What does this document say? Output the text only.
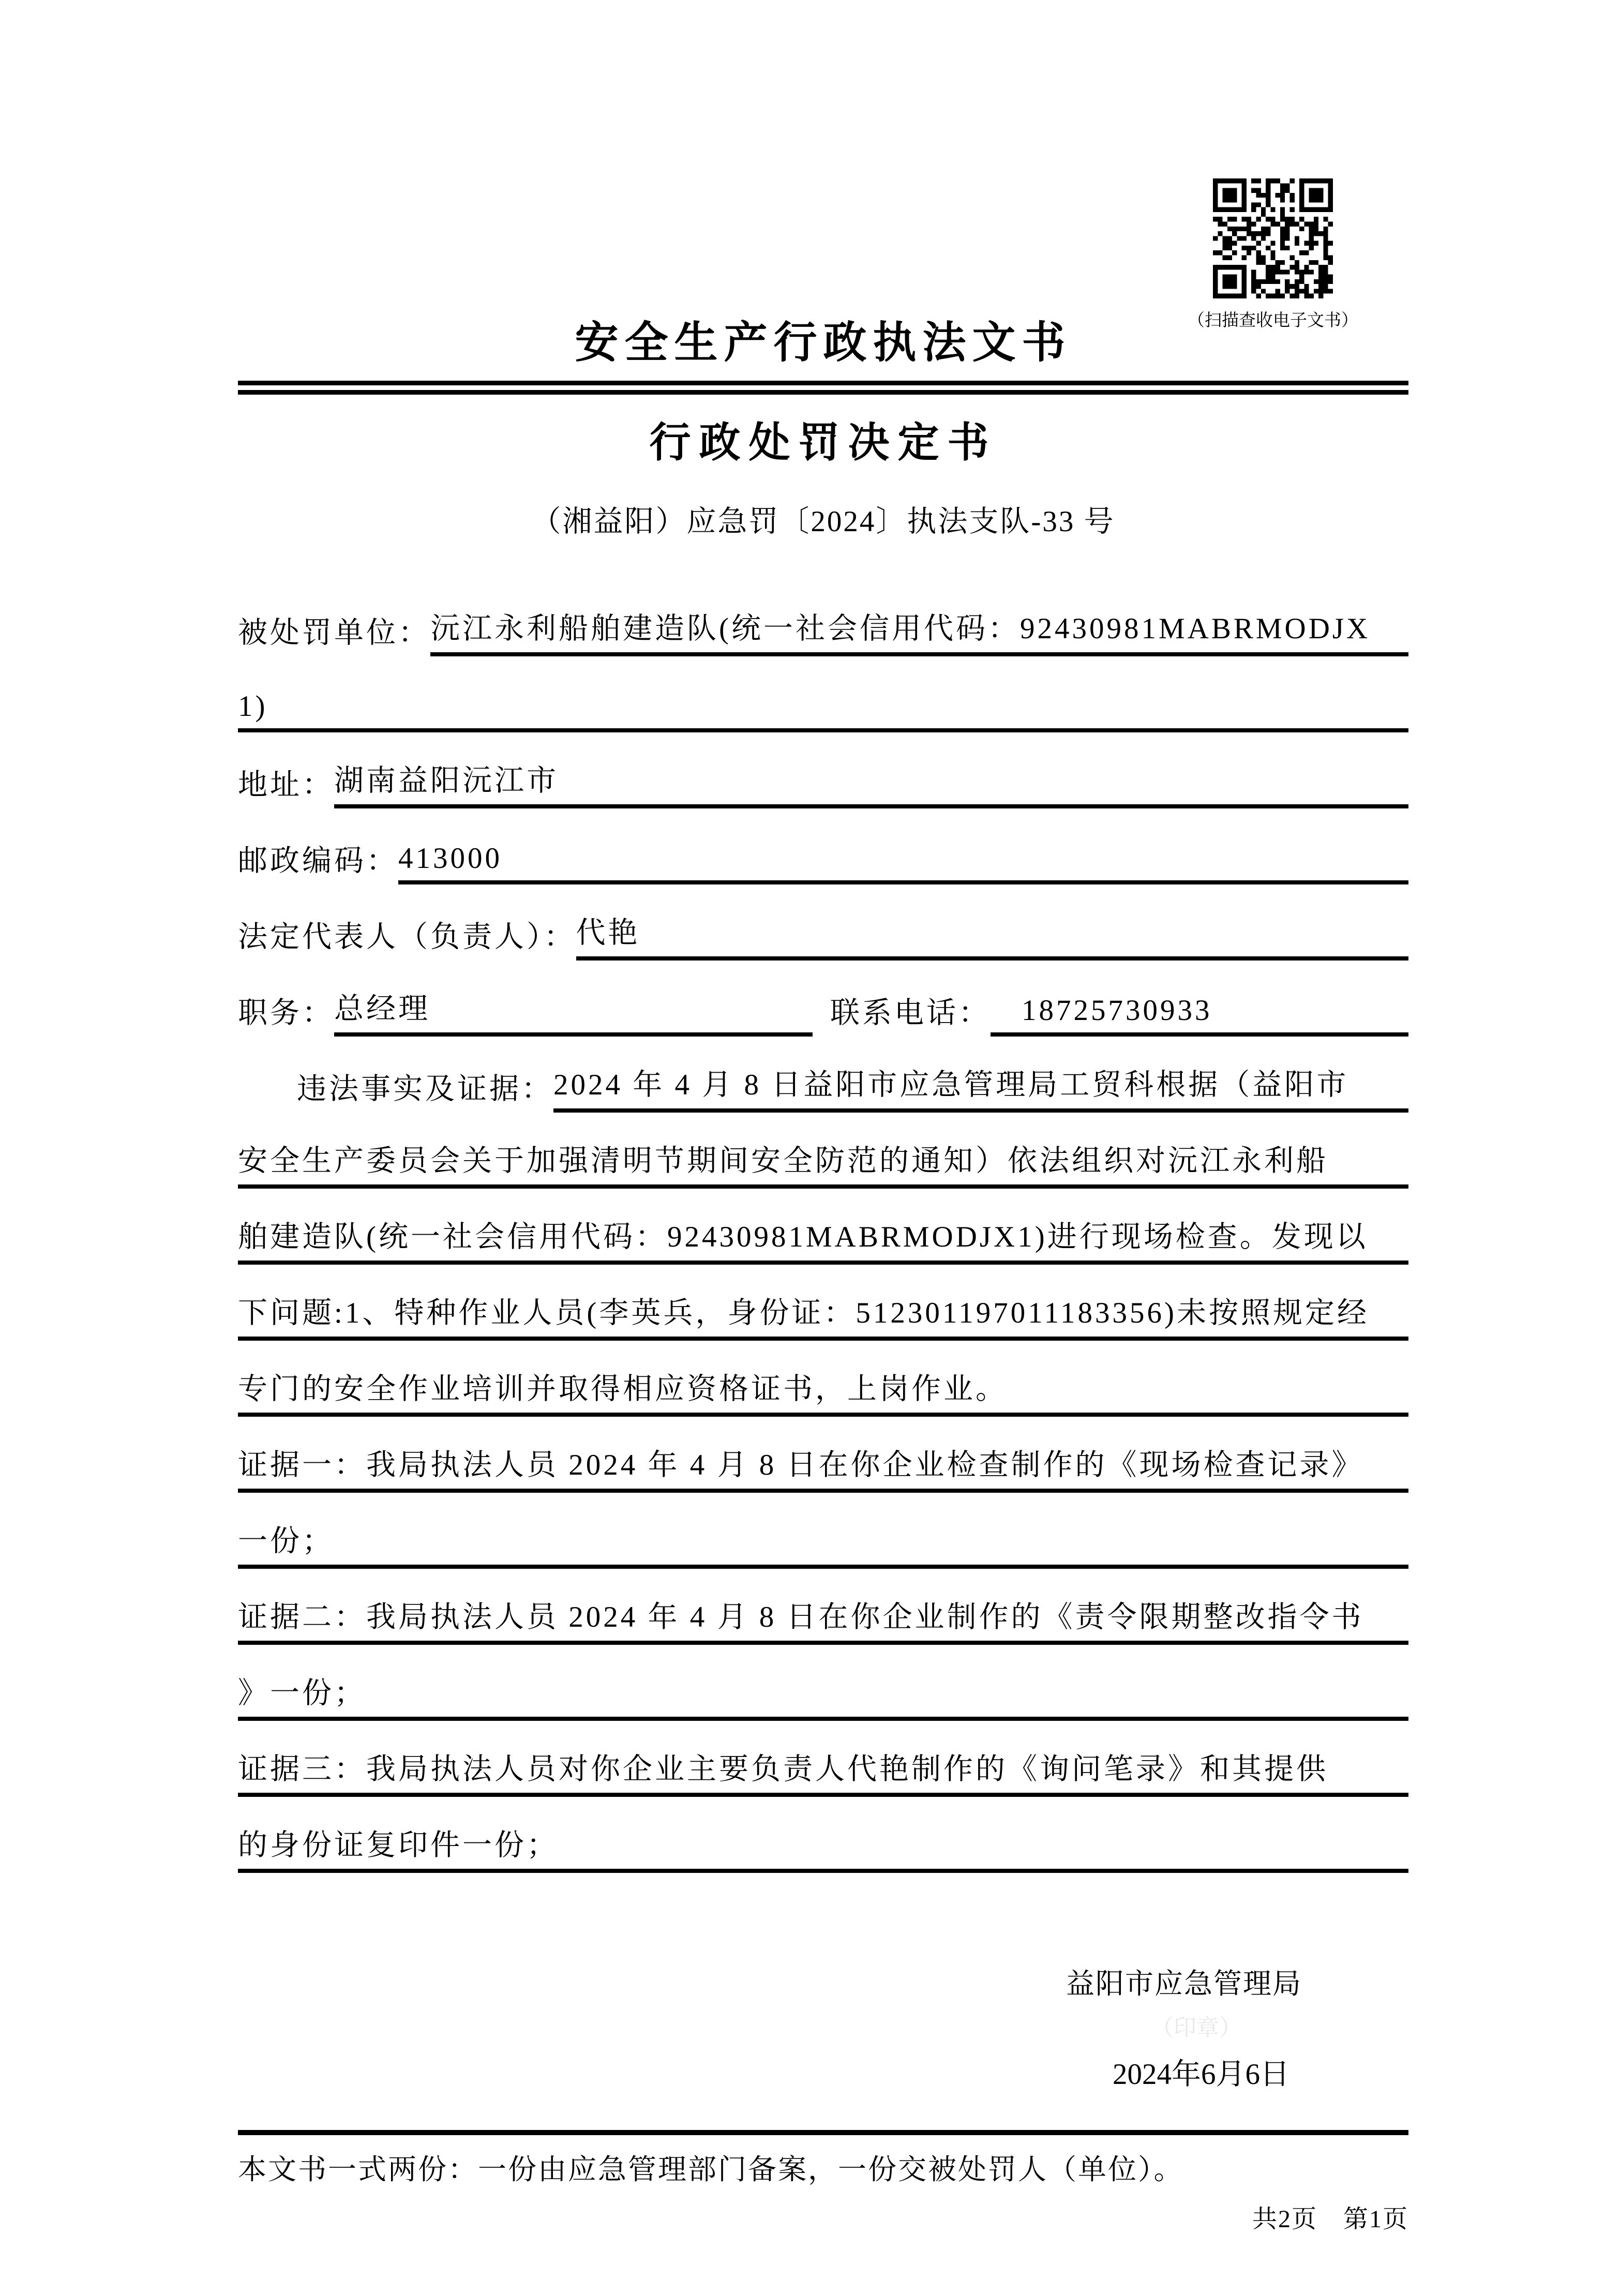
（扫描查收电子文书）
安全生产行政执法文书
行政处罚决定书
（湘益阳）应急罚〔2024〕执法支队-33 号
被处罚单位： 沅江永利船舶建造队(统一社会信用代码：92430981MABRMODJX
1)
地址： 湖南益阳沅江市
邮政编码： 413000
法定代表人（负责人）： 代艳
职务： 总经理	联系电话：	18725730933
违法事实及证据： 2024 年 4 月 8 日益阳市应急管理局工贸科根据（益阳市
安全生产委员会关于加强清明节期间安全防范的通知）依法组织对沅江永利船
舶建造队(统一社会信用代码：92430981MABRMODJX1)进行现场检查。发现以
下问题:1、特种作业人员(李英兵，身份证：512301197011183356)未按照规定经
专门的安全作业培训并取得相应资格证书，上岗作业。
证据一：我局执法人员 2024 年 4 月 8 日在你企业检查制作的《现场检查记录》
一份；
证据二：我局执法人员 2024 年 4 月 8 日在你企业制作的《责令限期整改指令书
》一份；
证据三：我局执法人员对你企业主要负责人代艳制作的《询问笔录》和其提供
的身份证复印件一份；
益阳市应急管理局
（印章）
2024年6月6日
本文书一式两份：一份由应急管理部门备案，一份交被处罚人（单位）。
共2页　第1页
